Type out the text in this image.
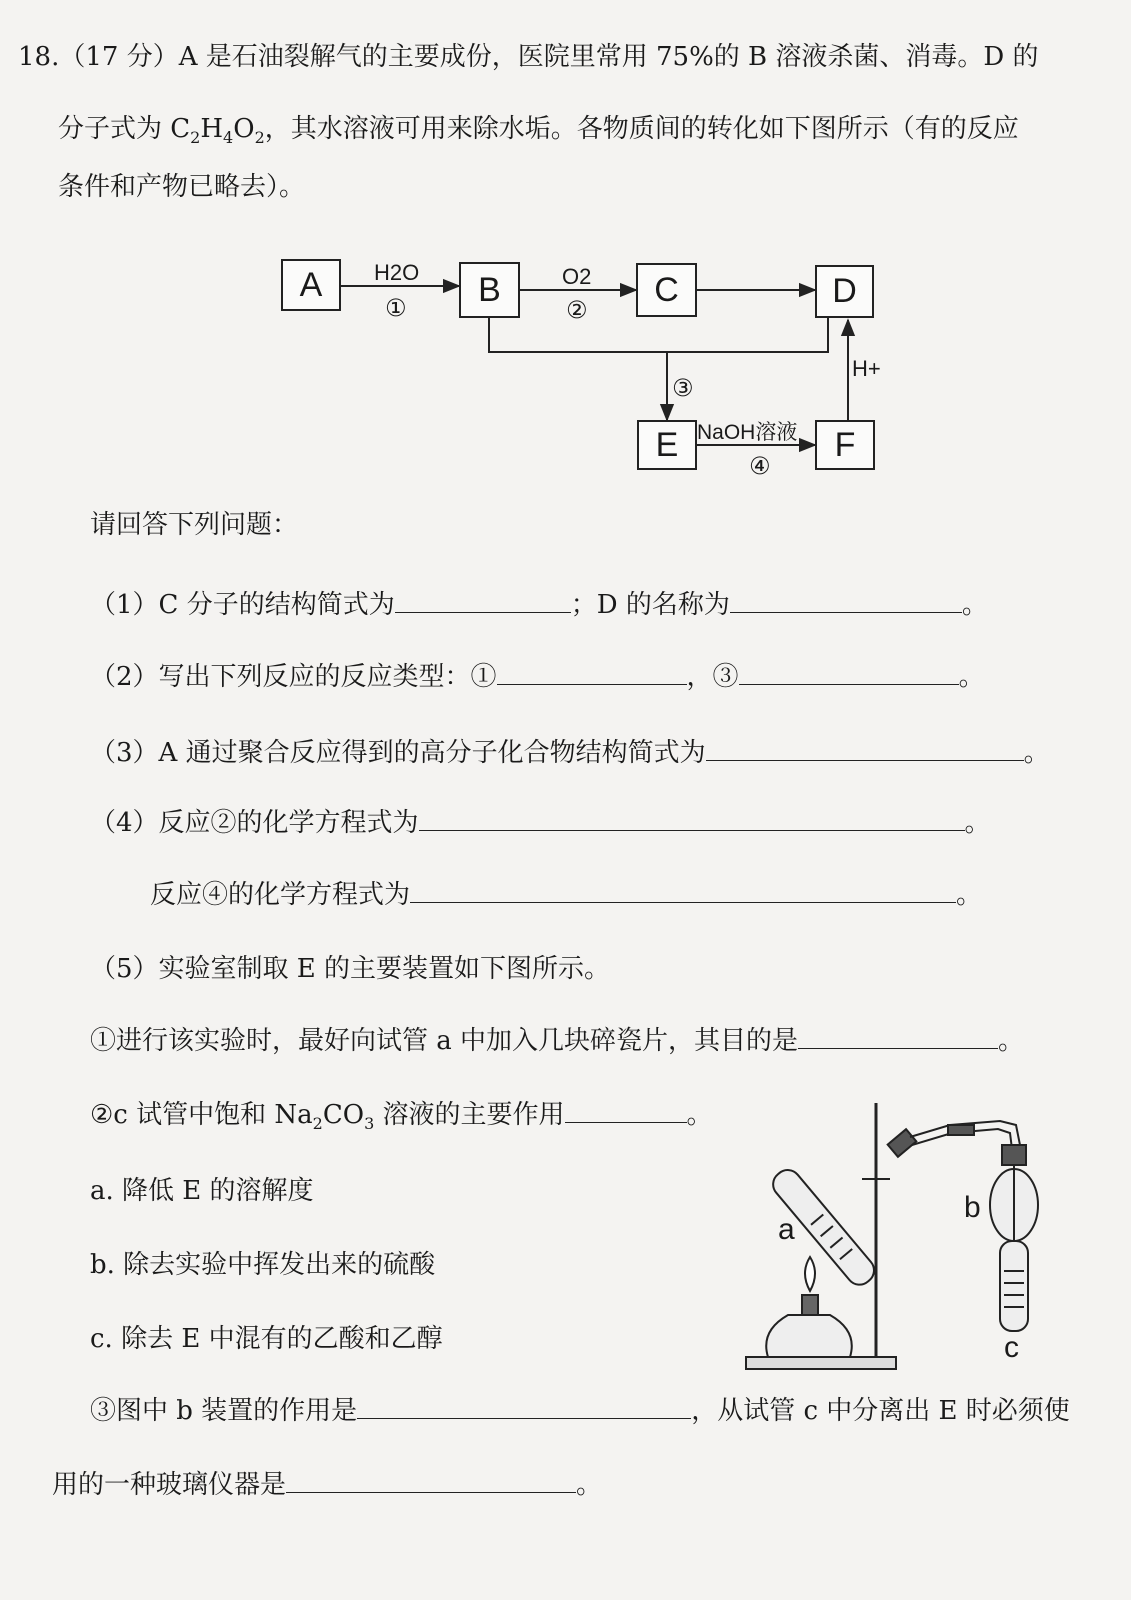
18.（17 分）A 是石油裂解气的主要成份，医院里常用 75%的 B 溶液杀菌、消毒。D 的
分子式为 $C_2H_4O_2$，其水溶液可用来除水垢。各物质间的转化如下图所示（有的反应
条件和产物已略去）。
A	B	C	D
E	F
H2O
①
O2
②
③
NaOH溶液
④
H+
请回答下列问题：
（1）C 分子的结构简式为	；D 的名称为	。
（2）写出下列反应的反应类型：①	，③	。
（3）A 通过聚合反应得到的高分子化合物结构简式为	。
（4）反应②的化学方程式为	。
反应④的化学方程式为	。
（5）实验室制取 E 的主要装置如下图所示。
①进行该实验时，最好向试管 a 中加入几块碎瓷片，其目的是	。
②c 试管中饱和 $Na_2CO_3$ 溶液的主要作用	。
a. 降低 E 的溶解度
b. 除去实验中挥发出来的硫酸
c. 除去 E 中混有的乙酸和乙醇
③图中 b 装置的作用是	，从试管 c 中分离出 E 时必须使
用的一种玻璃仪器是	。
a
b
c
